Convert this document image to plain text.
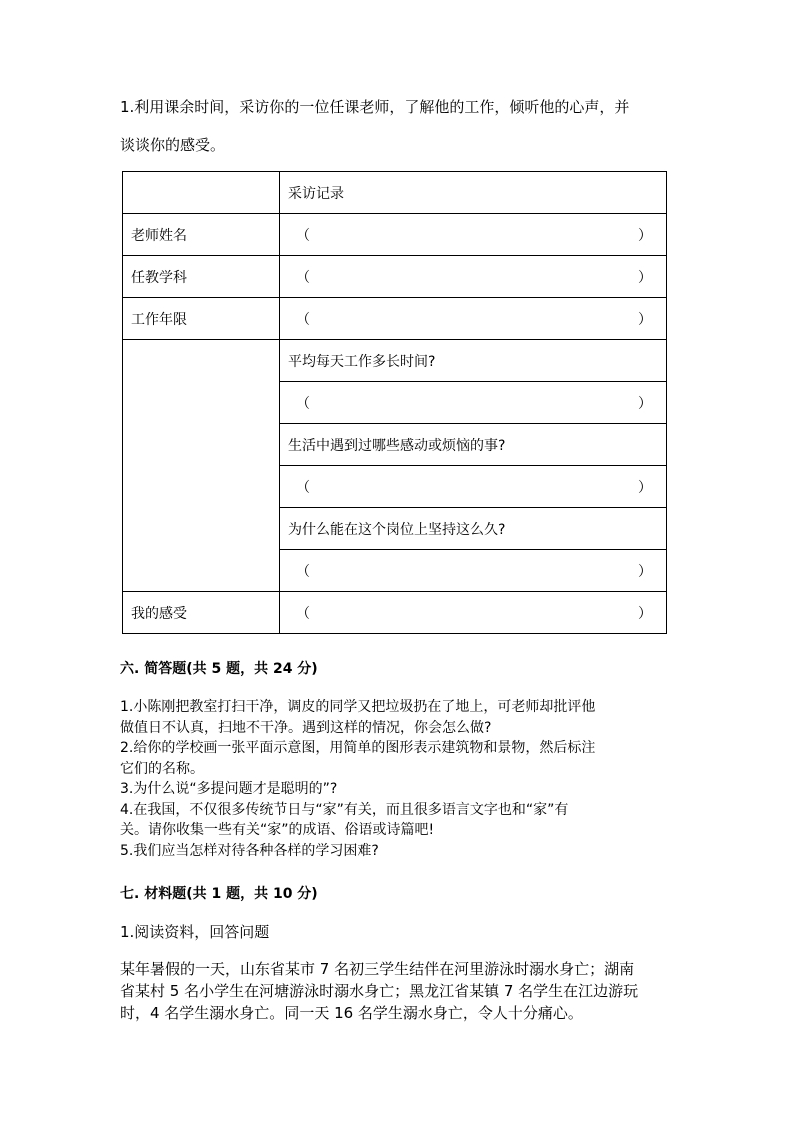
1.利用课余时间，采访你的一位任课老师，了解他的工作，倾听他的心声，并
谈谈你的感受。
	采访记录
老师姓名	（ ）

任教学科	（ ）

工作年限	（ ）

	平均每天工作多长时间?

	（ ）

	生活中遇到过哪些感动或烦恼的事?

	（ ）

	为什么能在这个岗位上坚持这么久?

	（ ）

我的感受	（ ）
六. 简答题(共 5 题，共 24 分)

1.小陈刚把教室打扫干净，调皮的同学又把垃圾扔在了地上，可老师却批评他

做值日不认真，扫地不干净。遇到这样的情况，你会怎么做?

2.给你的学校画一张平面示意图，用简单的图形表示建筑物和景物，然后标注

它们的名称。

3.为什么说“多提问题才是聪明的”?

4.在我国，不仅很多传统节日与“家”有关，而且很多语言文字也和“家”有

关。请你收集一些有关“家”的成语、俗语或诗篇吧!

5.我们应当怎样对待各种各样的学习困难?

七. 材料题(共 1 题，共 10 分)
1.阅读资料，回答问题

某年暑假的一天，山东省某市 7 名初三学生结伴在河里游泳时溺水身亡；湖南

省某村 5 名小学生在河塘游泳时溺水身亡；黑龙江省某镇 7 名学生在江边游玩

时，4 名学生溺水身亡。同一天 16 名学生溺水身亡，令人十分痛心。
